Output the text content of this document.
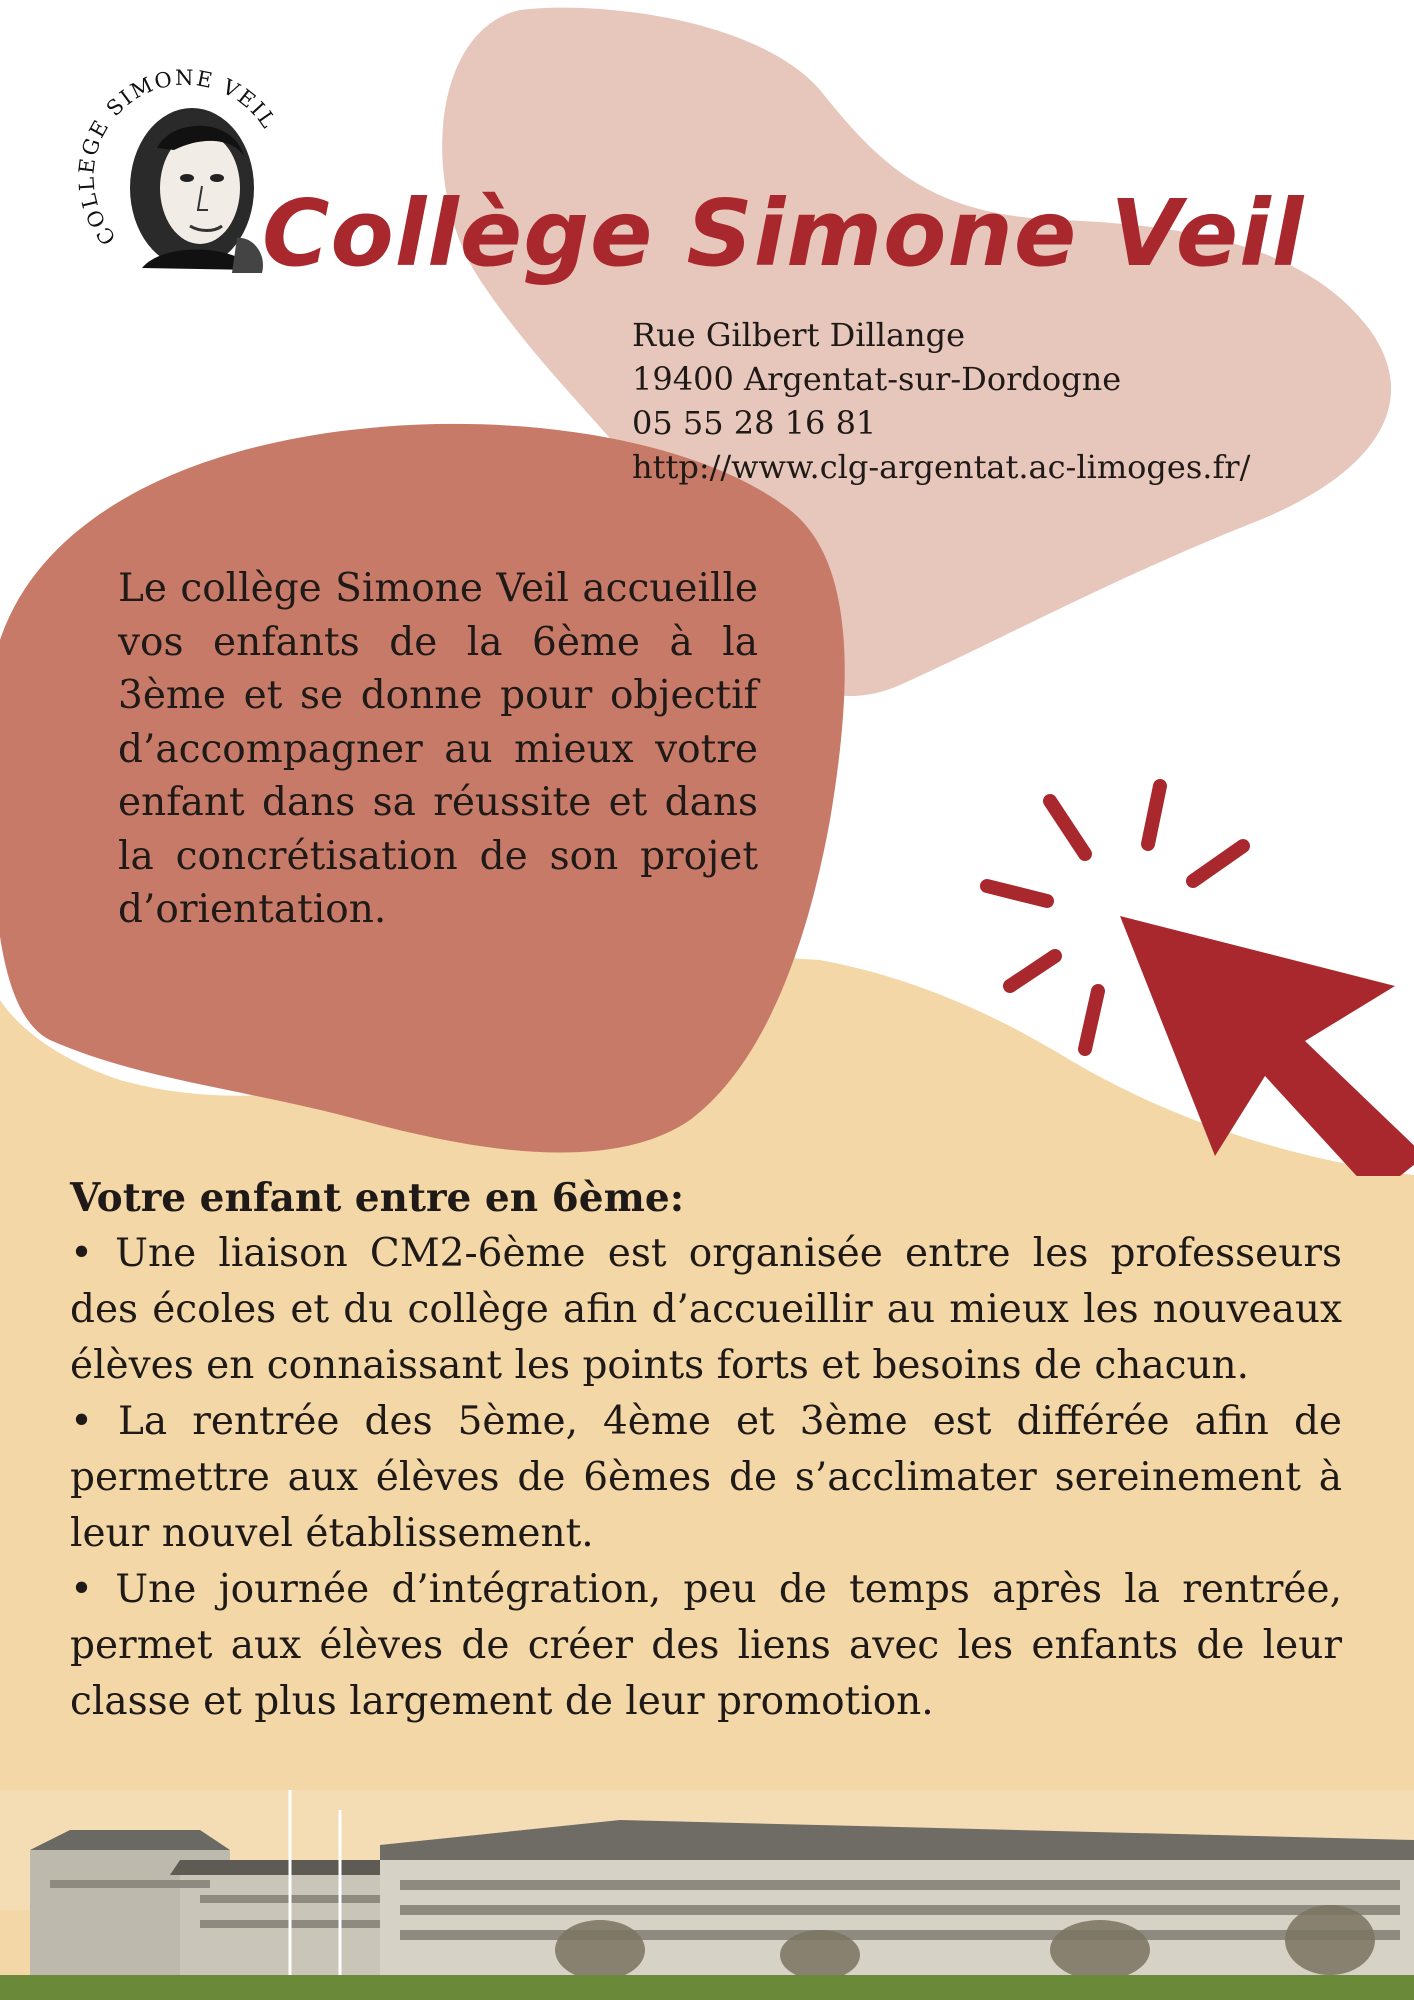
COLLEGE SIMONE VEIL
Collège Simone Veil
Rue Gilbert Dillange
19400 Argentat-sur-Dordogne
05 55 28 16 81
http://www.clg-argentat.ac-limoges.fr/

Le collège Simone Veil accueille vos enfants de la 6ème à la 3ème et se donne pour objectif d’accompagner au mieux votre enfant dans sa réussite et dans la concrétisation de son projet d’orientation.

Votre enfant entre en 6ème:

• Une liaison CM2-6ème est organisée entre les professeurs des écoles et du collège afin d’accueillir au mieux les nouveaux élèves en connaissant les points forts et besoins de chacun.

• La rentrée des 5ème, 4ème et 3ème est différée afin de permettre aux élèves de 6èmes de s’acclimater sereinement à leur nouvel établissement.

• Une journée d’intégration, peu de temps après la rentrée, permet aux élèves de créer des liens avec les enfants de leur classe et plus largement de leur promotion.
